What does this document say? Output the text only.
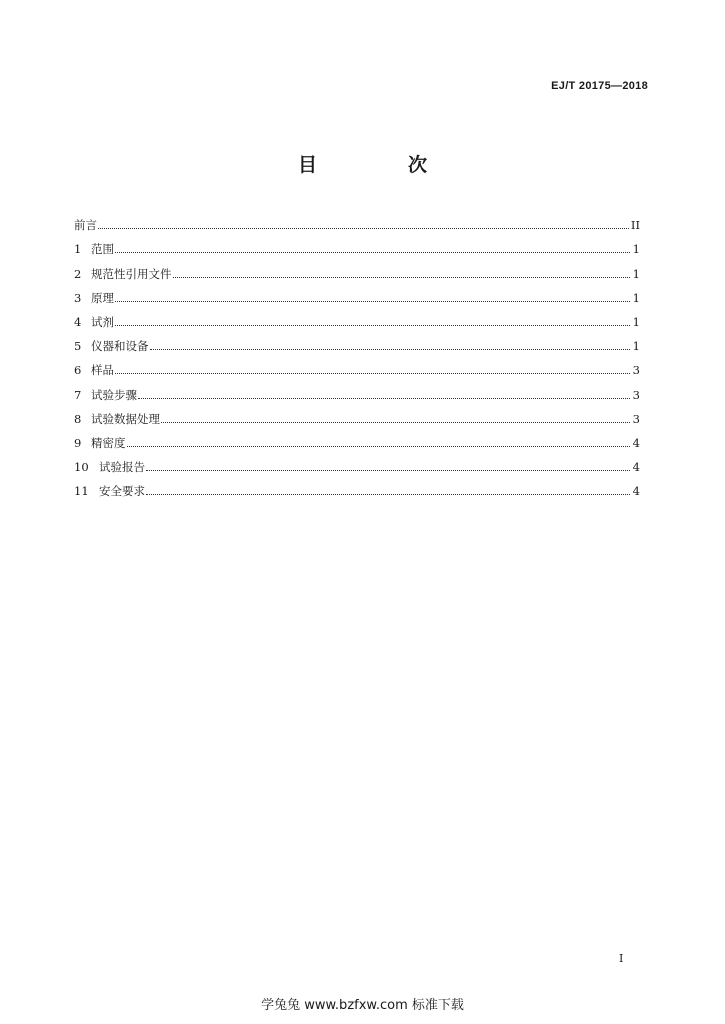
EJ/T 20175—2018
目　次
前言	II
1 范围	1
2 规范性引用文件	1
3 原理	1
4 试剂	1
5 仪器和设备	1
6 样品	3
7 试验步骤	3
8 试验数据处理	3
9 精密度	4
10 试验报告	4
11 安全要求	4
I
学兔兔 www.bzfxw.com 标准下载
